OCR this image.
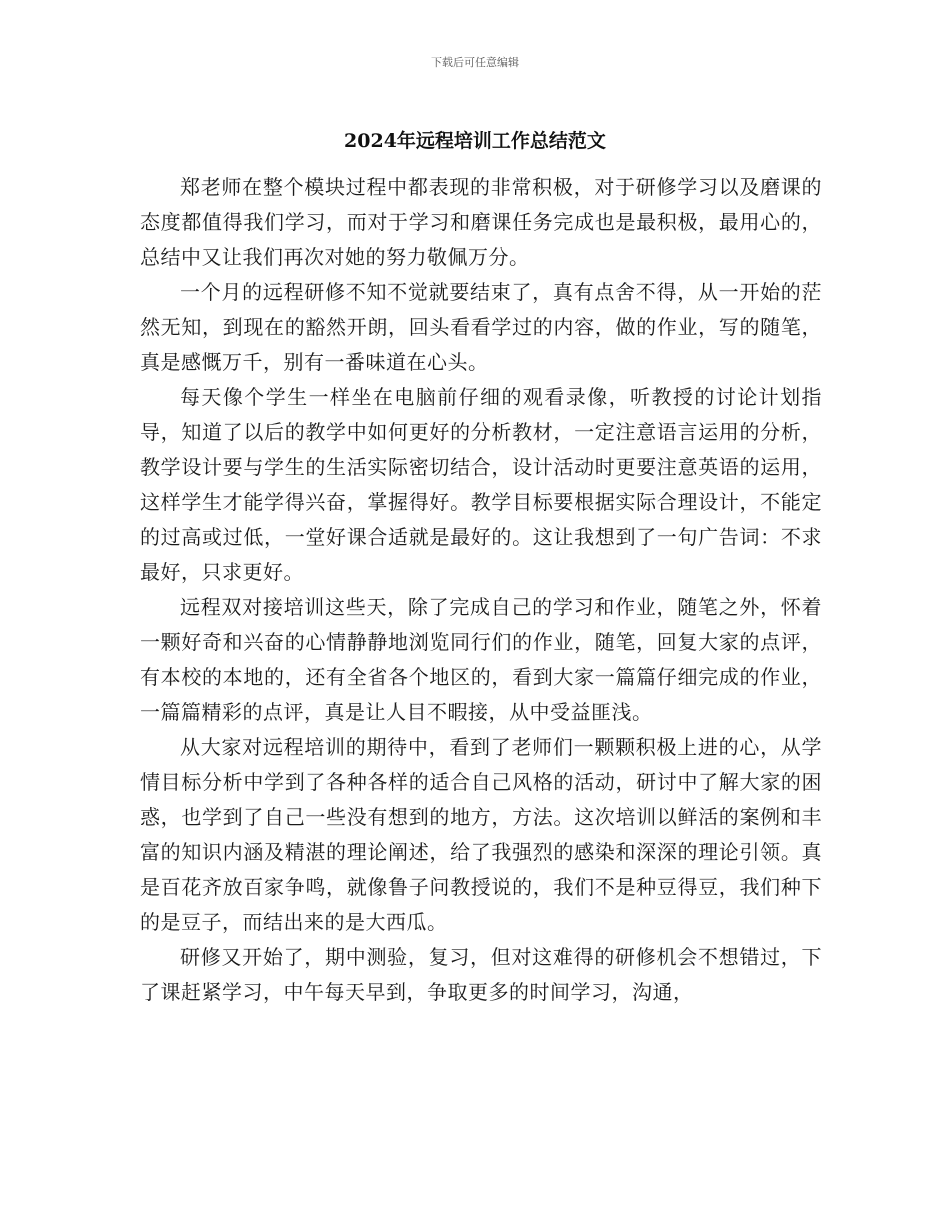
下载后可任意编辑
2024年远程培训工作总结范文

郑老师在整个模块过程中都表现的非常积极，对于研修学习以及磨课的态度都值得我们学习，而对于学习和磨课任务完成也是最积极，最用心的，总结中又让我们再次对她的努力敬佩万分。

一个月的远程研修不知不觉就要结束了，真有点舍不得，从一开始的茫然无知，到现在的豁然开朗，回头看看学过的内容，做的作业，写的随笔，真是感慨万千，别有一番味道在心头。

每天像个学生一样坐在电脑前仔细的观看录像，听教授的讨论计划指导，知道了以后的教学中如何更好的分析教材，一定注意语言运用的分析，教学设计要与学生的生活实际密切结合，设计活动时更要注意英语的运用，这样学生才能学得兴奋，掌握得好。教学目标要根据实际合理设计，不能定的过高或过低，一堂好课合适就是最好的。这让我想到了一句广告词：不求最好，只求更好。

远程双对接培训这些天，除了完成自己的学习和作业，随笔之外，怀着一颗好奇和兴奋的心情静静地浏览同行们的作业，随笔，回复大家的点评，有本校的本地的，还有全省各个地区的，看到大家一篇篇仔细完成的作业，一篇篇精彩的点评，真是让人目不暇接，从中受益匪浅。

从大家对远程培训的期待中，看到了老师们一颗颗积极上进的心，从学情目标分析中学到了各种各样的适合自己风格的活动，研讨中了解大家的困惑，也学到了自己一些没有想到的地方，方法。这次培训以鲜活的案例和丰富的知识内涵及精湛的理论阐述，给了我强烈的感染和深深的理论引领。真是百花齐放百家争鸣，就像鲁子问教授说的，我们不是种豆得豆，我们种下的是豆子，而结出来的是大西瓜。

研修又开始了，期中测验，复习，但对这难得的研修机会不想错过，下了课赶紧学习，中午每天早到，争取更多的时间学习，沟通，
